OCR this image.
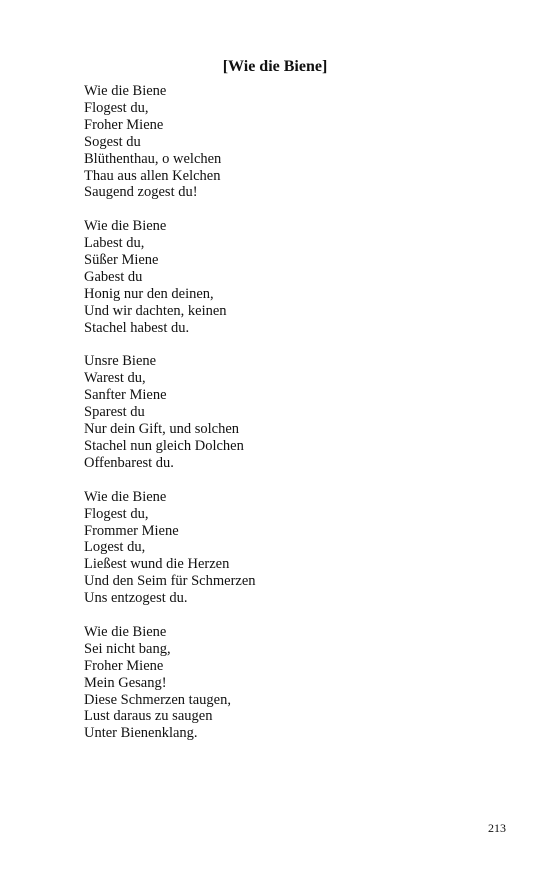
[Wie die Biene]
Wie die Biene
Flogest du,
Froher Miene
Sogest du
Blüthenthau, o welchen
Thau aus allen Kelchen
Saugend zogest du!
Wie die Biene
Labest du,
Süßer Miene
Gabest du
Honig nur den deinen,
Und wir dachten, keinen
Stachel habest du.
Unsre Biene
Warest du,
Sanfter Miene
Sparest du
Nur dein Gift, und solchen
Stachel nun gleich Dolchen
Offenbarest du.
Wie die Biene
Flogest du,
Frommer Miene
Logest du,
Ließest wund die Herzen
Und den Seim für Schmerzen
Uns entzogest du.
Wie die Biene
Sei nicht bang,
Froher Miene
Mein Gesang!
Diese Schmerzen taugen,
Lust daraus zu saugen
Unter Bienenklang.
213
